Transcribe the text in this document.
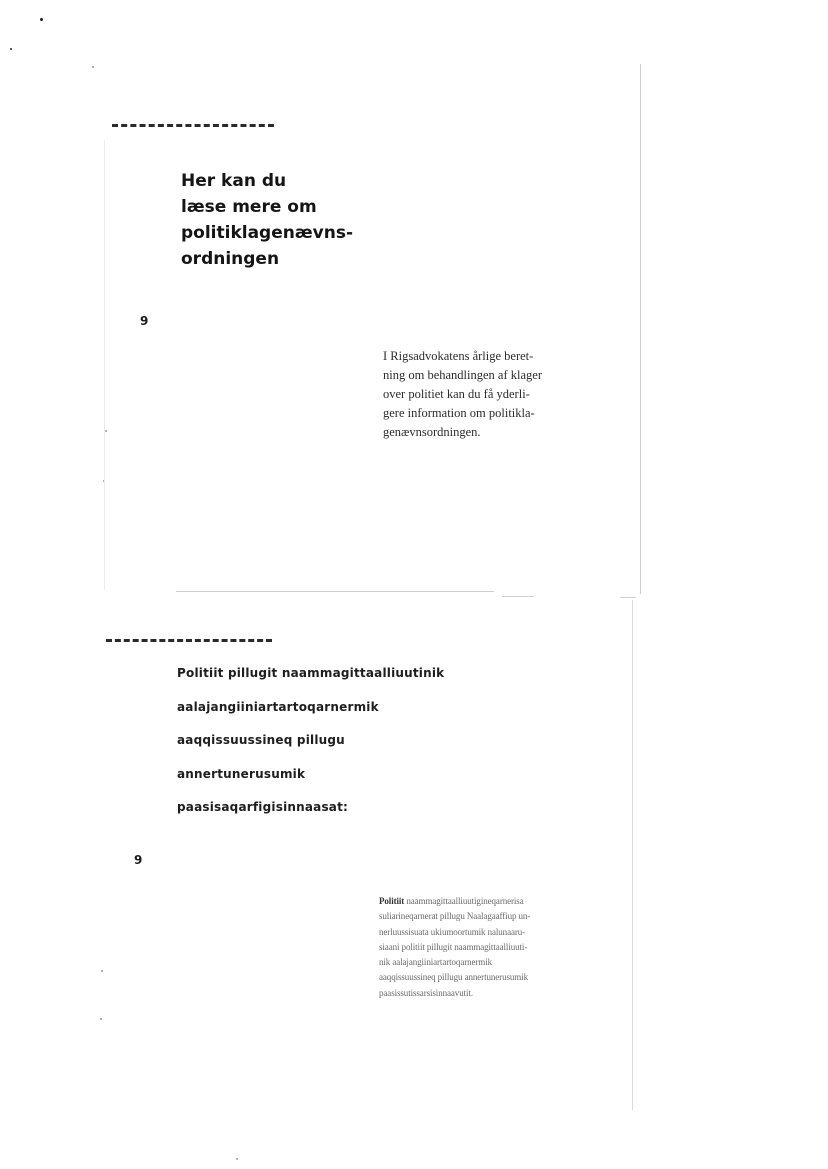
Her kan du
læse mere om
politiklagenævns-
ordningen
9
I Rigsadvokatens årlige beret-
ning om behandlingen af klager
over politiet kan du få yderli-
gere information om politikla-
genævnsordningen.
Politiit pillugit naammagittaalliuutinik
aalajangiiniartartoqarnermik
aaqqissuussineq pillugu
annertunerusumik
paasisaqarfigisinnaasat:
9
Politiit naammagittaalliuutigineqarnerisa
suliarineqarnerat pillugu Naalagaaffiup un-
nerluussisuata ukiumoortumik nalunaaru-
siaani politiit pillugit naammagittaalliuuti-
nik aalajangiiniartartoqarnermik
aaqqissuussineq pillugu annertunerusumik
paasissutissarsisinnaavutit.
